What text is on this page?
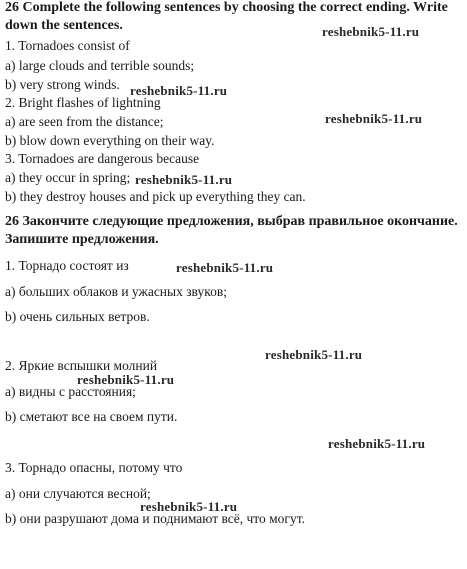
26 Complete the following sentences by choosing the correct ending. Write
down the sentences.
1. Tornadoes consist of
a) large clouds and terrible sounds;
b) very strong winds.
2. Bright flashes of lightning
a) are seen from the distance;
b) blow down everything on their way.
3. Tornadoes are dangerous because
a) they occur in spring;
b) they destroy houses and pick up everything they can.
26 Закончите следующие предложения, выбрав правильное окончание.
Запишите предложения.
1. Торнадо состоят из
а) больших облаков и ужасных звуков;
b) очень сильных ветров.
2. Яркие вспышки молний
а) видны с расстояния;
b) сметают все на своем пути.
3. Торнадо опасны, потому что
а) они случаются весной;
b) они разрушают дома и поднимают всё, что могут.
reshebnik5-11.ru
reshebnik5-11.ru
reshebnik5-11.ru
reshebnik5-11.ru
reshebnik5-11.ru
reshebnik5-11.ru
reshebnik5-11.ru
reshebnik5-11.ru
reshebnik5-11.ru
